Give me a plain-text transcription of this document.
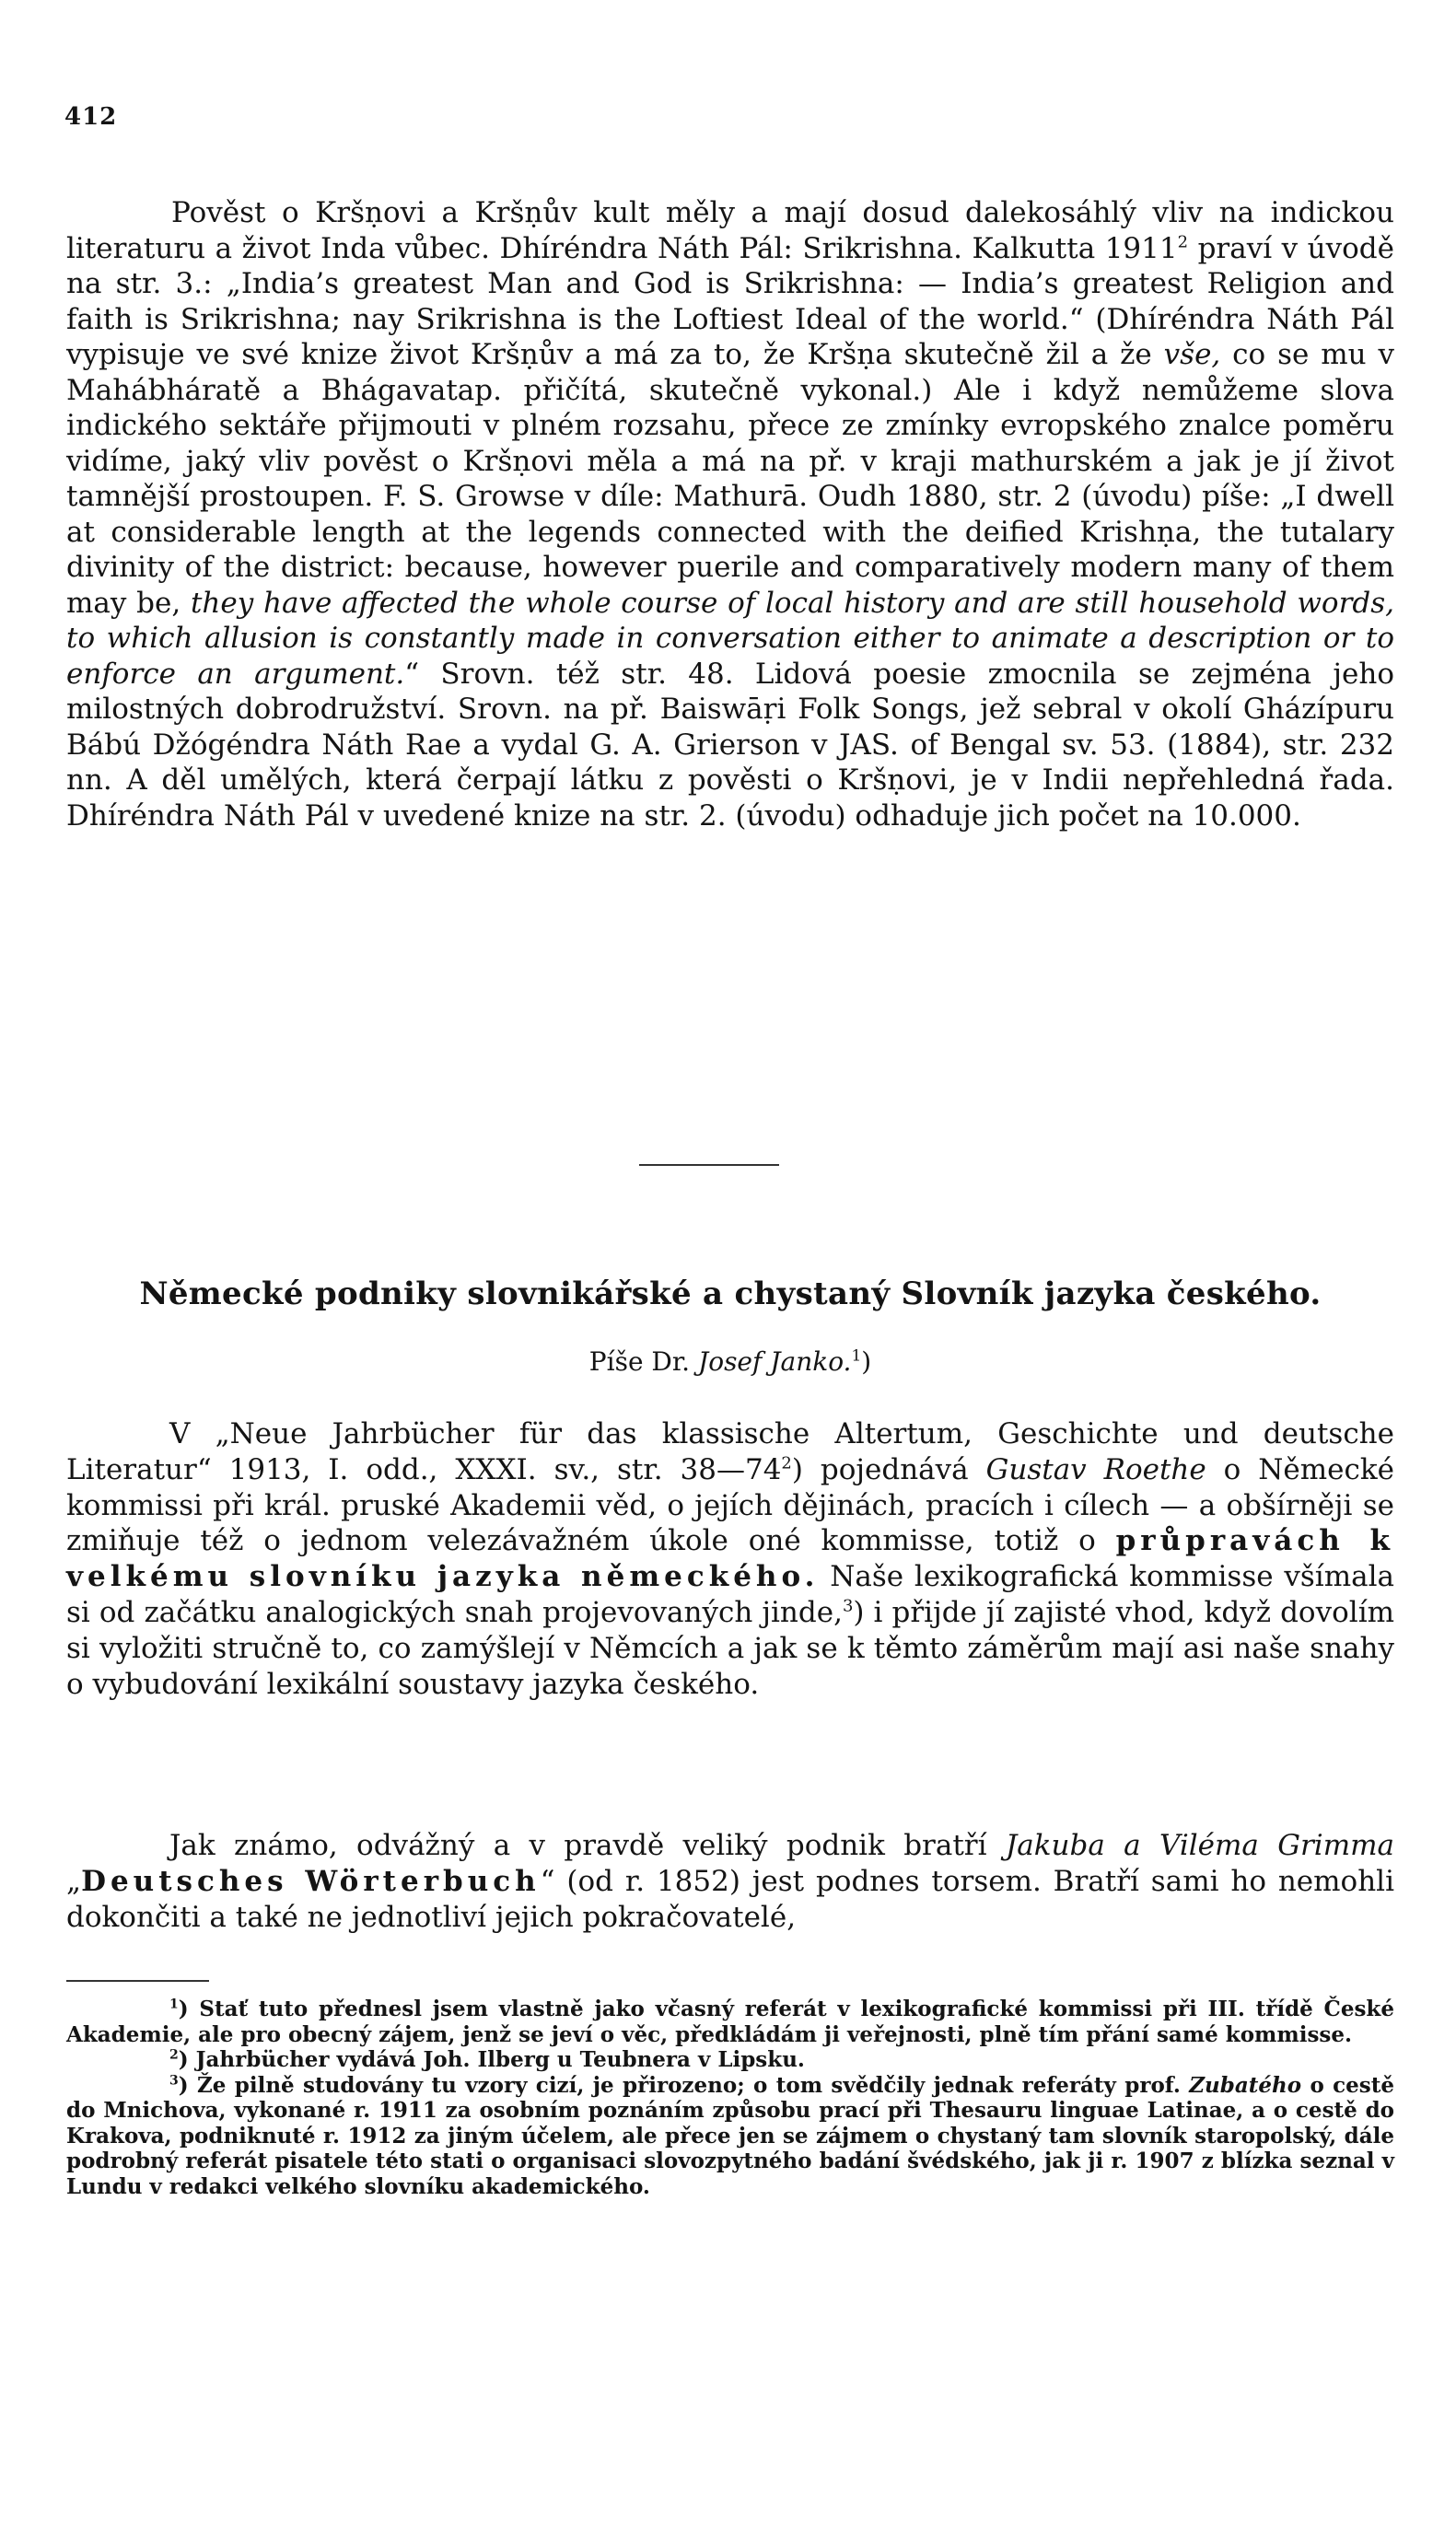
412

Pověst o Kršṇovi a Kršṇův kult měly a mají dosud dalekosáhlý vliv na indickou literaturu a život Inda vůbec. Dhíréndra Náth Pál: Srikrishna. Kalkutta 1911$^2$ praví v úvodě na str. 3.: „India’s greatest Man and God is Srikrishna: — India’s greatest Religion and faith is Srikrishna; nay Srikrishna is the Loftiest Ideal of the world.“ (Dhíréndra Náth Pál vypisuje ve své knize život Kršṇův a má za to, že Kršṇa skutečně žil a že vše, co se mu v Mahábháratě a Bhágavatap. přičítá, skutečně vykonal.) Ale i když nemůžeme slova indického sektáře přijmouti v plném rozsahu, přece ze zmínky evropského znalce poměru vidíme, jaký vliv pověst o Kršṇovi měla a má na př. v kraji mathurském a jak je jí život tamnější prostoupen. F. S. Growse v díle: Mathurā. Oudh 1880, str. 2 (úvodu) píše: „I dwell at considerable length at the legends connected with the deified Krishṇa, the tutalary divinity of the district: because, however puerile and comparatively modern many of them may be, they have affected the whole course of local history and are still household words, to which allusion is constantly made in conversation either to animate a description or to enforce an argument.“ Srovn. též str. 48. Lidová poesie zmocnila se zejména jeho milostných dobrodružství. Srovn. na př. Baiswāṛi Folk Songs, jež sebral v okolí Gházípuru Bábú Džógéndra Náth Rae a vydal G. A. Grierson v JAS. of Bengal sv. 53. (1884), str. 232 nn. A děl umělých, která čerpají látku z pověsti o Kršṇovi, je v Indii nepřehledná řada. Dhíréndra Náth Pál v uvedené knize na str. 2. (úvodu) odhaduje jich počet na 10.000.

Německé podniky slovnikářské a chystaný Slovník jazyka českého.

Píše Dr. Josef Janko.$^1$)

V „Neue Jahrbücher für das klassische Altertum, Geschichte und deutsche Literatur“ 1913, I. odd., XXXI. sv., str. $38—74^2$) pojednává Gustav Roethe o Německé kommissi při král. pruské Akademii věd, o jejích dějinách, pracích i cílech — a obšírněji se zmiňuje též o jednom velezávažném úkole oné kommisse, totiž o průpravách k velkému slovníku jazyka německého. Naše lexikografická kommisse všímala si od začátku analogických snah projevovaných jinde,$^3$) i přijde jí zajisté vhod, když dovolím si vyložiti stručně to, co zamýšlejí v Němcích a jak se k těmto záměrům mají asi naše snahy o vybudování lexikální soustavy jazyka českého.

Jak známo, odvážný a v pravdě veliký podnik bratří Jakuba a Viléma Grimma „Deutsches Wörterbuch“ (od r. 1852) jest podnes torsem. Bratří sami ho nemohli dokončiti a také ne jednotliví jejich pokračovatelé,

$^1$) Stať tuto přednesl jsem vlastně jako včasný referát v lexikografické kommissi při III. třídě České Akademie, ale pro obecný zájem, jenž se jeví o věc, předkládám ji veřejnosti, plně tím přání samé kommisse.

$^2$) Jahrbücher vydává Joh. Ilberg u Teubnera v Lipsku.

$^3$) Že pilně studovány tu vzory cizí, je přirozeno; o tom svědčily jednak referáty prof. Zubatého o cestě do Mnichova, vykonané r. 1911 za osobním poznáním způsobu prací při Thesauru linguae Latinae, a o cestě do Krakova, podniknuté r. 1912 za jiným účelem, ale přece jen se zájmem o chystaný tam slovník staropolský, dále podrobný referát pisatele této stati o organisaci slovozpytného badání švédského, jak ji r. 1907 z blízka seznal v Lundu v redakci velkého slovníku akademického.
